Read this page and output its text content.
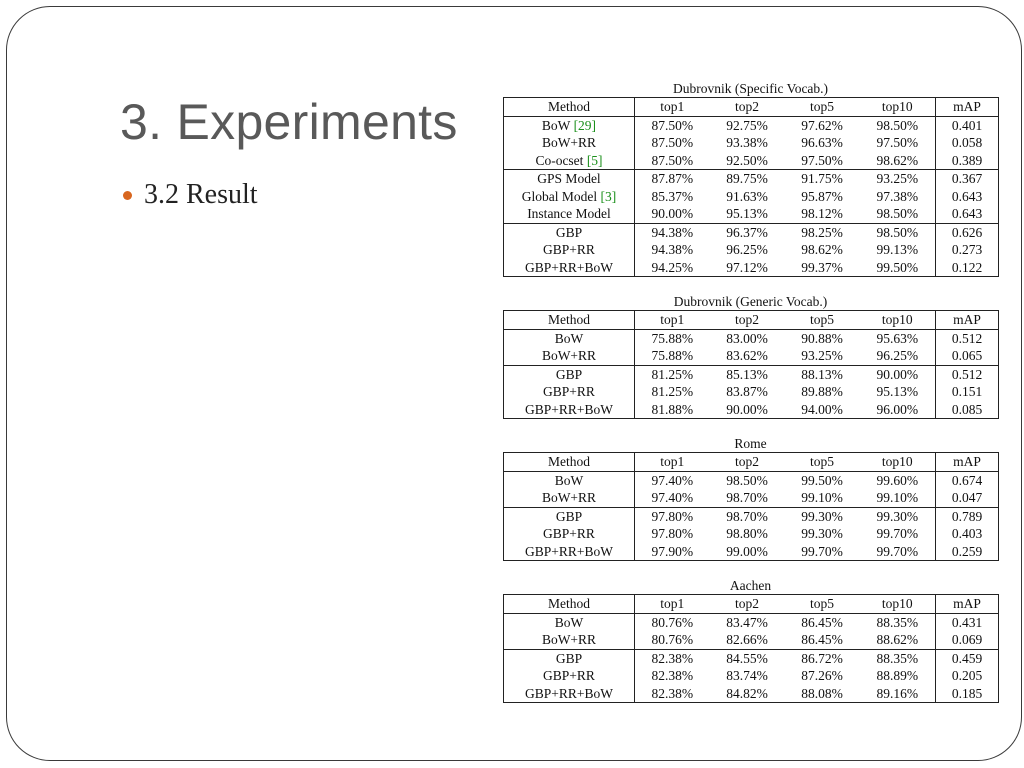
3. Experiments
3.2 Result
Dubrovnik (Specific Vocab.)
Method	top1	top2	top5	top10	mAP
BoW [29]	87.50%	92.75%	97.62%	98.50%	0.401
BoW+RR	87.50%	93.38%	96.63%	97.50%	0.058
Co-ocset [5]	87.50%	92.50%	97.50%	98.62%	0.389
GPS Model	87.87%	89.75%	91.75%	93.25%	0.367
Global Model [3]	85.37%	91.63%	95.87%	97.38%	0.643
Instance Model	90.00%	95.13%	98.12%	98.50%	0.643
GBP	94.38%	96.37%	98.25%	98.50%	0.626
GBP+RR	94.38%	96.25%	98.62%	99.13%	0.273
GBP+RR+BoW	94.25%	97.12%	99.37%	99.50%	0.122
Dubrovnik (Generic Vocab.)
Method	top1	top2	top5	top10	mAP
BoW	75.88%	83.00%	90.88%	95.63%	0.512
BoW+RR	75.88%	83.62%	93.25%	96.25%	0.065
GBP	81.25%	85.13%	88.13%	90.00%	0.512
GBP+RR	81.25%	83.87%	89.88%	95.13%	0.151
GBP+RR+BoW	81.88%	90.00%	94.00%	96.00%	0.085
Rome
Method	top1	top2	top5	top10	mAP
BoW	97.40%	98.50%	99.50%	99.60%	0.674
BoW+RR	97.40%	98.70%	99.10%	99.10%	0.047
GBP	97.80%	98.70%	99.30%	99.30%	0.789
GBP+RR	97.80%	98.80%	99.30%	99.70%	0.403
GBP+RR+BoW	97.90%	99.00%	99.70%	99.70%	0.259
Aachen
Method	top1	top2	top5	top10	mAP
BoW	80.76%	83.47%	86.45%	88.35%	0.431
BoW+RR	80.76%	82.66%	86.45%	88.62%	0.069
GBP	82.38%	84.55%	86.72%	88.35%	0.459
GBP+RR	82.38%	83.74%	87.26%	88.89%	0.205
GBP+RR+BoW	82.38%	84.82%	88.08%	89.16%	0.185
